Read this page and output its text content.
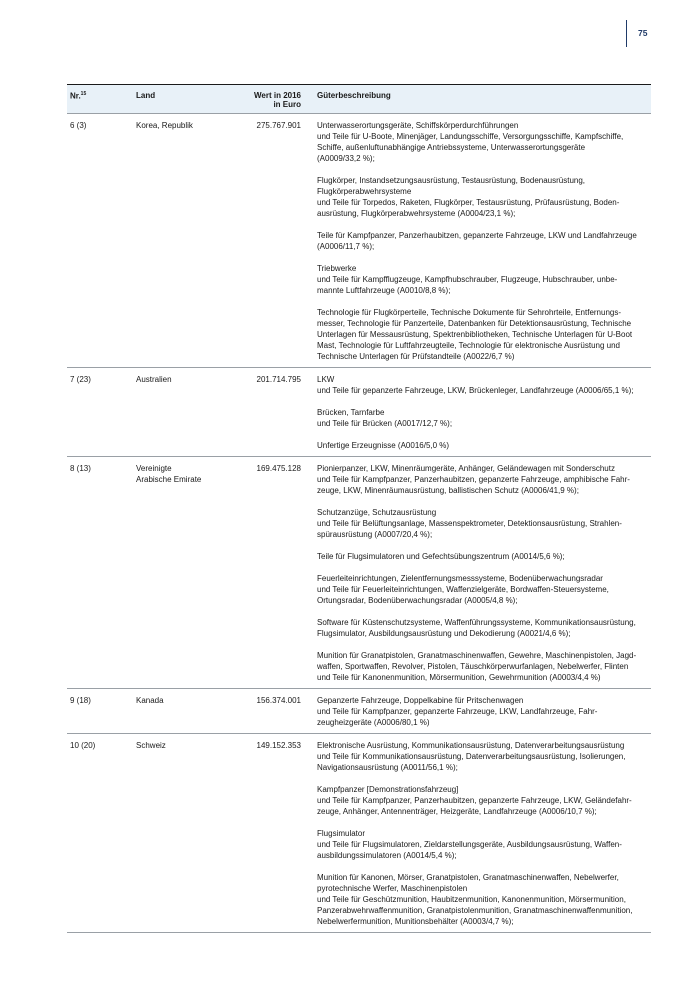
75
Nr.$^{15}$	Land	Wert in 2016
in Euro
Güterbeschreibung
6 (3)	Korea, Republik	275.767.901 Unterwasserortungsgeräte, Schiffskörperdurchführungen
und Teile für U-Boote, Minenjäger, Landungsschiffe, Versorgungsschiffe, Kampfschiffe,
Schiffe, außenluftunabhängige Antriebssysteme, Unterwasserortungsgeräte
(A0009/33,2 %);
Flugkörper, Instandsetzungsausrüstung, Testausrüstung, Bodenausrüstung,
Flugkörperabwehrsysteme
und Teile für Torpedos, Raketen, Flugkörper, Testausrüstung, Prüfausrüstung, Boden-
ausrüstung, Flugkörperabwehrsysteme (A0004/23,1 %);
Teile für Kampfpanzer, Panzerhaubitzen, gepanzerte Fahrzeuge, LKW und Landfahrzeuge
(A0006/11,7 %);
Triebwerke
und Teile für Kampfflugzeuge, Kampfhubschrauber, Flugzeuge, Hubschrauber, unbe-
mannte Luftfahrzeuge (A0010/8,8 %);
Technologie für Flugkörperteile, Technische Dokumente für Sehrohrteile, Entfernungs-
messer, Technologie für Panzerteile, Datenbanken für Detektionsausrüstung, Technische
Unterlagen für Messausrüstung, Spektrenbibliotheken, Technische Unterlagen für U-Boot
Mast, Technologie für Luftfahrzeugteile, Technologie für elektronische Ausrüstung und
Technische Unterlagen für Prüfstandteile (A0022/6,7 %)
7 (23)	Australien	201.714.795 LKW
und Teile für gepanzerte Fahrzeuge, LKW, Brückenleger, Landfahrzeuge (A0006/65,1 %);
Brücken, Tarnfarbe
und Teile für Brücken (A0017/12,7 %);
Unfertige Erzeugnisse (A0016/5,0 %)
8 (13)	Vereinigte
Arabische Emirate
169.475.128 Pionierpanzer, LKW, Minenräumgeräte, Anhänger, Geländewagen mit Sonderschutz
und Teile für Kampfpanzer, Panzerhaubitzen, gepanzerte Fahrzeuge, amphibische Fahr-
zeuge, LKW, Minenräumausrüstung, ballistischen Schutz (A0006/41,9 %);
Schutzanzüge, Schutzausrüstung
und Teile für Belüftungsanlage, Massenspektrometer, Detektionsausrüstung, Strahlen-
spürausrüstung (A0007/20,4 %);
Teile für Flugsimulatoren und Gefechtsübungszentrum (A0014/5,6 %);
Feuerleiteinrichtungen, Zielentfernungsmesssysteme, Bodenüberwachungsradar
und Teile für Feuerleiteinrichtungen, Waffenzielgeräte, Bordwaffen-Steuersysteme,
Ortungsradar, Bodenüberwachungsradar (A0005/4,8 %);
Software für Küstenschutzsysteme, Waffenführungssysteme, Kommunikationsausrüstung,
Flugsimulator, Ausbildungsausrüstung und Dekodierung (A0021/4,6 %);
Munition für Granatpistolen, Granatmaschinenwaffen, Gewehre, Maschinenpistolen, Jagd-
waffen, Sportwaffen, Revolver, Pistolen, Täuschkörperwurfanlagen, Nebelwerfer, Flinten
und Teile für Kanonenmunition, Mörsermunition, Gewehrmunition (A0003/4,4 %)
9 (18)	Kanada	156.374.001 Gepanzerte Fahrzeuge, Doppelkabine für Pritschenwagen
und Teile für Kampfpanzer, gepanzerte Fahrzeuge, LKW, Landfahrzeuge, Fahr-
zeugheizgeräte (A0006/80,1 %)
10 (20)	Schweiz	149.152.353 Elektronische Ausrüstung, Kommunikationsausrüstung, Datenverarbeitungsausrüstung
und Teile für Kommunikationsausrüstung, Datenverarbeitungsausrüstung, Isolierungen,
Navigationsausrüstung (A0011/56,1 %);
Kampfpanzer [Demonstrationsfahrzeug]
und Teile für Kampfpanzer, Panzerhaubitzen, gepanzerte Fahrzeuge, LKW, Geländefahr-
zeuge, Anhänger, Antennenträger, Heizgeräte, Landfahrzeuge (A0006/10,7 %);
Flugsimulator
und Teile für Flugsimulatoren, Zieldarstellungsgeräte, Ausbildungsausrüstung, Waffen-
ausbildungssimulatoren (A0014/5,4 %);
Munition für Kanonen, Mörser, Granatpistolen, Granatmaschinenwaffen, Nebelwerfer,
pyrotechnische Werfer, Maschinenpistolen
und Teile für Geschützmunition, Haubitzenmunition, Kanonenmunition, Mörsermunition,
Panzerabwehrwaffenmunition, Granatpistolenmunition, Granatmaschinenwaffenmunition,
Nebelwerfermunition, Munitionsbehälter (A0003/4,7 %);
